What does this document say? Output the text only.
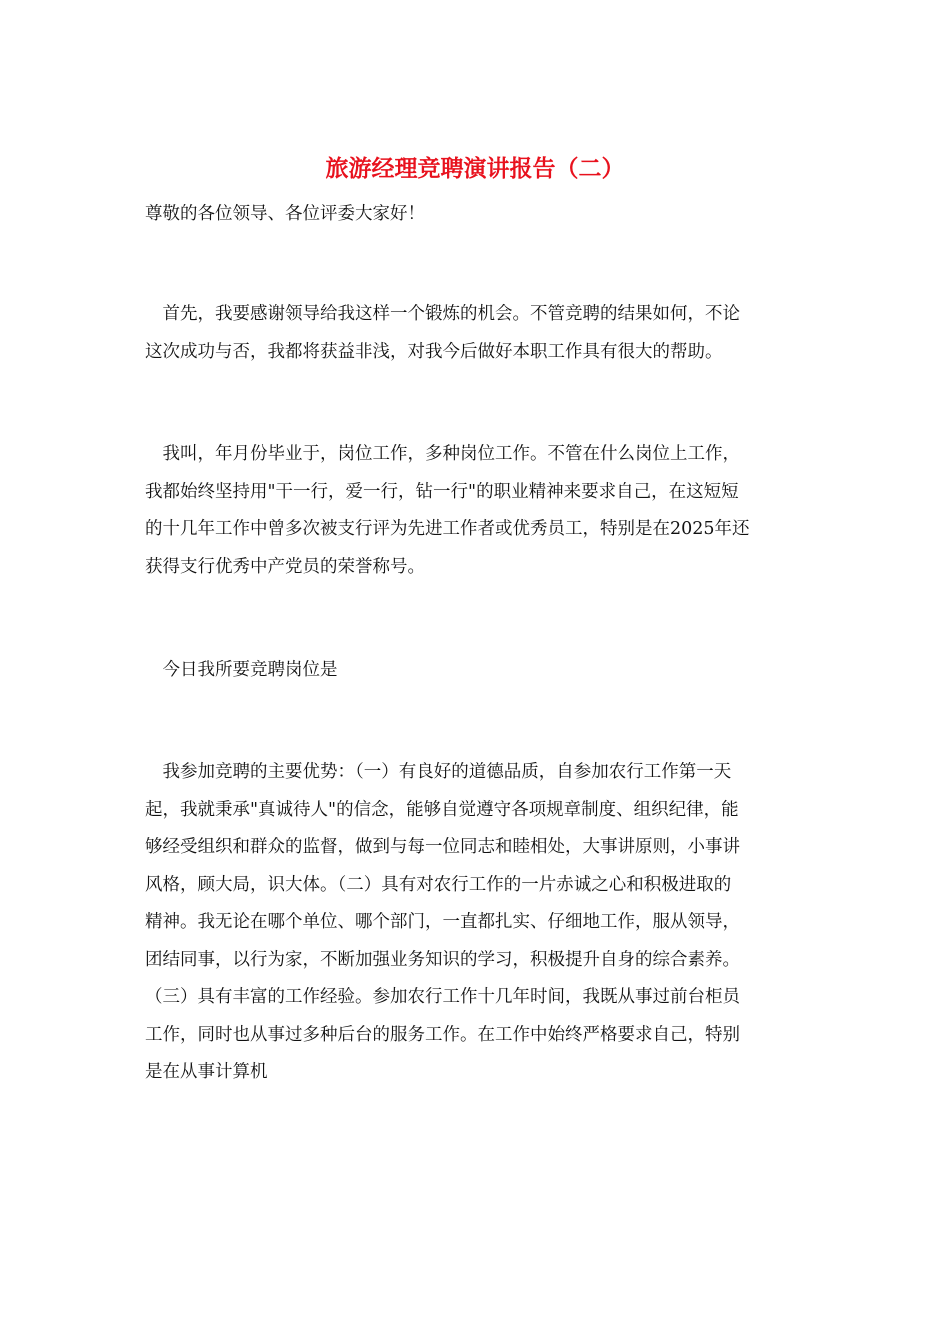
旅游经理竞聘演讲报告（二）
尊敬的各位领导、各位评委大家好！
　首先，我要感谢领导给我这样一个锻炼的机会。不管竞聘的结果如何，不论
这次成功与否，我都将获益非浅，对我今后做好本职工作具有很大的帮助。
　我叫，年月份毕业于，岗位工作，多种岗位工作。不管在什么岗位上工作，
我都始终坚持用"干一行，爱一行，钻一行"的职业精神来要求自己，在这短短
的十几年工作中曾多次被支行评为先进工作者或优秀员工，特别是在2025年还
获得支行优秀中产党员的荣誉称号。
　今日我所要竞聘岗位是
　我参加竞聘的主要优势：（一）有良好的道德品质，自参加农行工作第一天
起，我就秉承"真诚待人"的信念，能够自觉遵守各项规章制度、组织纪律，能
够经受组织和群众的监督，做到与每一位同志和睦相处，大事讲原则，小事讲
风格，顾大局，识大体。（二）具有对农行工作的一片赤诚之心和积极进取的
精神。我无论在哪个单位、哪个部门，一直都扎实、仔细地工作，服从领导，
团结同事，以行为家，不断加强业务知识的学习，积极提升自身的综合素养。
（三）具有丰富的工作经验。参加农行工作十几年时间，我既从事过前台柜员
工作，同时也从事过多种后台的服务工作。在工作中始终严格要求自己，特别
是在从事计算机
